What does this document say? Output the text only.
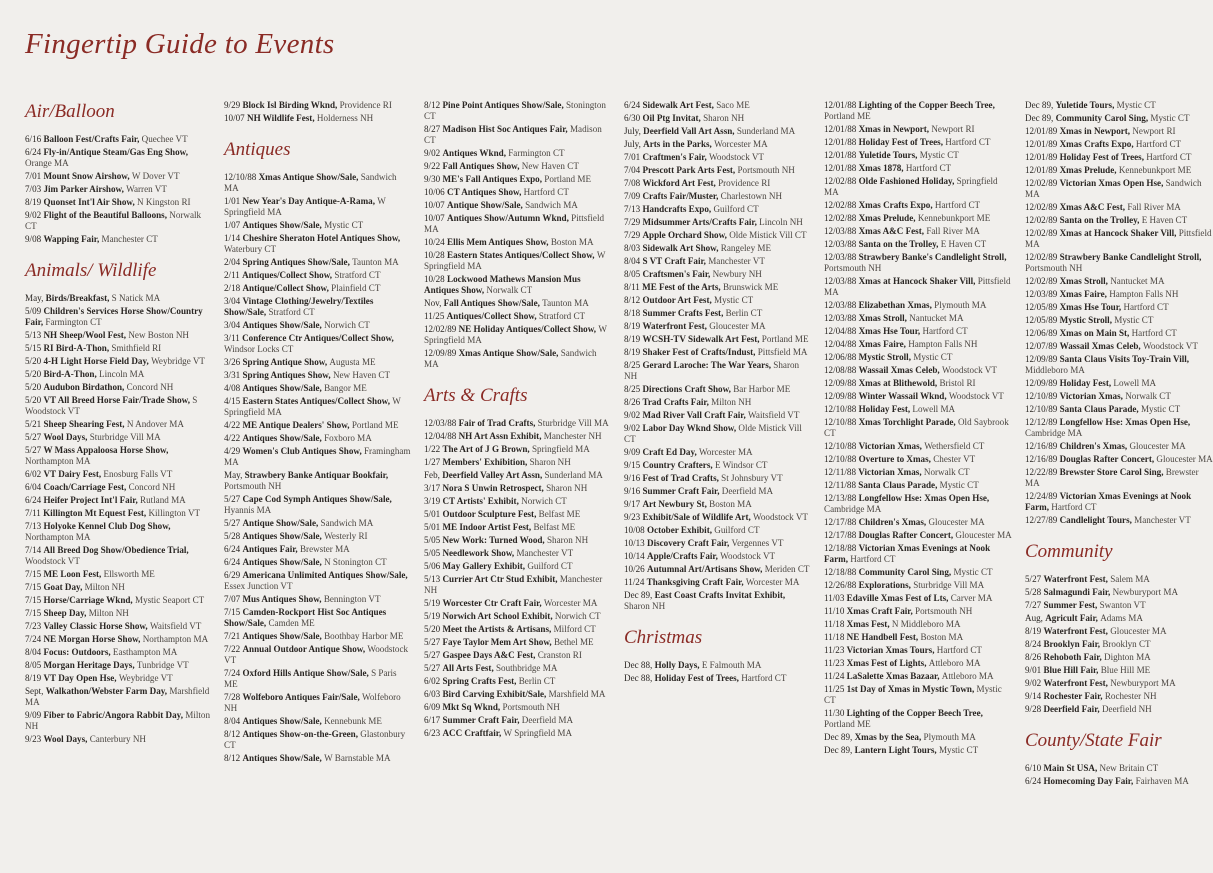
Fingertip Guide to Events
Air/Balloon
6/16 Balloon Fest/Crafts Fair, Quechee VT
6/24 Fly-in/Antique Steam/Gas Eng Show, Orange MA
7/01 Mount Snow Airshow, W Dover VT
7/03 Jim Parker Airshow, Warren VT
8/19 Quonset Int'l Air Show, N Kingston RI
9/02 Flight of the Beautiful Balloons, Norwalk CT
9/08 Wapping Fair, Manchester CT
Animals/ Wildlife
May, Birds/Breakfast, S Natick MA
5/09 Children's Services Horse Show/Country Fair, Farmington CT
5/13 NH Sheep/Wool Fest, New Boston NH
5/15 RI Bird-A-Thon, Smithfield RI
5/20 4-H Light Horse Field Day, Weybridge VT
5/20 Bird-A-Thon, Lincoln MA
5/20 Audubon Birdathon, Concord NH
5/20 VT All Breed Horse Fair/Trade Show, S Woodstock VT
5/21 Sheep Shearing Fest, N Andover MA
5/27 Wool Days, Sturbridge Vill MA
5/27 W Mass Appaloosa Horse Show, Northampton MA
6/02 VT Dairy Fest, Enosburg Falls VT
6/04 Coach/Carriage Fest, Concord NH
6/24 Heifer Project Int'l Fair, Rutland MA
7/11 Killington Mt Equest Fest, Killington VT
7/13 Holyoke Kennel Club Dog Show, Northampton MA
7/14 All Breed Dog Show/Obedience Trial, Woodstock VT
7/15 ME Loon Fest, Ellsworth ME
7/15 Goat Day, Milton NH
7/15 Horse/Carriage Wknd, Mystic Seaport CT
7/15 Sheep Day, Milton NH
7/23 Valley Classic Horse Show, Waitsfield VT
7/24 NE Morgan Horse Show, Northampton MA
8/04 Focus: Outdoors, Easthampton MA
8/05 Morgan Heritage Days, Tunbridge VT
8/19 VT Day Open Hse, Weybridge VT
Sept, Walkathon/Webster Farm Day, Marshfield MA
9/09 Fiber to Fabric/Angora Rabbit Day, Milton NH
9/23 Wool Days, Canterbury NH
9/29 Block Isl Birding Wknd, Providence RI
10/07 NH Wildlife Fest, Holderness NH
Antiques
12/10/88 Xmas Antique Show/Sale, Sandwich MA
1/01 New Year's Day Antique-A-Rama, W Springfield MA
1/07 Antiques Show/Sale, Mystic CT
1/14 Cheshire Sheraton Hotel Antiques Show, Waterbury CT
2/04 Spring Antiques Show/Sale, Taunton MA
2/11 Antiques/Collect Show, Stratford CT
2/18 Antique/Collect Show, Plainfield CT
3/04 Vintage Clothing/Jewelry/Textiles Show/Sale, Stratford CT
3/04 Antiques Show/Sale, Norwich CT
3/11 Conference Ctr Antiques/Collect Show, Windsor Locks CT
3/26 Spring Antique Show, Augusta ME
3/31 Spring Antiques Show, New Haven CT
4/08 Antiques Show/Sale, Bangor ME
4/15 Eastern States Antiques/Collect Show, W Springfield MA
4/22 ME Antique Dealers' Show, Portland ME
4/22 Antiques Show/Sale, Foxboro MA
4/29 Women's Club Antiques Show, Framingham MA
May, Strawbery Banke Antiquar Bookfair, Portsmouth NH
5/27 Cape Cod Symph Antiques Show/Sale, Hyannis MA
5/27 Antique Show/Sale, Sandwich MA
5/28 Antiques Show/Sale, Westerly RI
6/24 Antiques Fair, Brewster MA
6/24 Antiques Show/Sale, N Stonington CT
6/29 Americana Unlimited Antiques Show/Sale, Essex Junction VT
7/07 Mus Antiques Show, Bennington VT
7/15 Camden-Rockport Hist Soc Antiques Show/Sale, Camden ME
7/21 Antiques Show/Sale, Boothbay Harbor ME
7/22 Annual Outdoor Antique Show, Woodstock VT
7/24 Oxford Hills Antique Show/Sale, S Paris ME
7/28 Wolfeboro Antiques Fair/Sale, Wolfeboro NH
8/04 Antiques Show/Sale, Kennebunk ME
8/12 Antiques Show-on-the-Green, Glastonbury CT
8/12 Antiques Show/Sale, W Barnstable MA
8/12 Pine Point Antiques Show/Sale, Stonington CT
8/27 Madison Hist Soc Antiques Fair, Madison CT
9/02 Antiques Wknd, Farmington CT
9/22 Fall Antiques Show, New Haven CT
9/30 ME's Fall Antiques Expo, Portland ME
10/06 CT Antiques Show, Hartford CT
10/07 Antique Show/Sale, Sandwich MA
10/07 Antiques Show/Autumn Wknd, Pittsfield MA
10/24 Ellis Mem Antiques Show, Boston MA
10/28 Eastern States Antiques/Collect Show, W Springfield MA
10/28 Lockwood Mathews Mansion Mus Antiques Show, Norwalk CT
Nov, Fall Antiques Show/Sale, Taunton MA
11/25 Antiques/Collect Show, Stratford CT
12/02/89 NE Holiday Antiques/Collect Show, W Springfield MA
12/09/89 Xmas Antique Show/Sale, Sandwich MA
Arts & Crafts
12/03/88 Fair of Trad Crafts, Sturbridge Vill MA
12/04/88 NH Art Assn Exhibit, Manchester NH
1/22 The Art of J G Brown, Springfield MA
1/27 Members' Exhibition, Sharon NH
Feb, Deerfield Valley Art Assn, Sunderland MA
3/17 Nora S Unwin Retrospect, Sharon NH
3/19 CT Artists' Exhibit, Norwich CT
5/01 Outdoor Sculpture Fest, Belfast ME
5/01 ME Indoor Artist Fest, Belfast ME
5/05 New Work: Turned Wood, Sharon NH
5/05 Needlework Show, Manchester VT
5/06 May Gallery Exhibit, Guilford CT
5/13 Currier Art Ctr Stud Exhibit, Manchester NH
5/19 Worcester Ctr Craft Fair, Worcester MA
5/19 Norwich Art School Exhibit, Norwich CT
5/20 Meet the Artists & Artisans, Milford CT
5/27 Faye Taylor Mem Art Show, Bethel ME
5/27 Gaspee Days A&C Fest, Cranston RI
5/27 All Arts Fest, Southbridge MA
6/02 Spring Crafts Fest, Berlin CT
6/03 Bird Carving Exhibit/Sale, Marshfield MA
6/09 Mkt Sq Wknd, Portsmouth NH
6/17 Summer Craft Fair, Deerfield MA
6/23 ACC Craftfair, W Springfield MA
6/24 Sidewalk Art Fest, Saco ME
6/30 Oil Ptg Invitat, Sharon NH
July, Deerfield Vall Art Assn, Sunderland MA
July, Arts in the Parks, Worcester MA
7/01 Craftmen's Fair, Woodstock VT
7/04 Prescott Park Arts Fest, Portsmouth NH
7/08 Wickford Art Fest, Providence RI
7/09 Crafts Fair/Muster, Charlestown NH
7/13 Handcrafts Expo, Guilford CT
7/29 Midsummer Arts/Crafts Fair, Lincoln NH
7/29 Apple Orchard Show, Olde Mistick Vill CT
8/03 Sidewalk Art Show, Rangeley ME
8/04 S VT Craft Fair, Manchester VT
8/05 Craftsmen's Fair, Newbury NH
8/11 ME Fest of the Arts, Brunswick ME
8/12 Outdoor Art Fest, Mystic CT
8/18 Summer Crafts Fest, Berlin CT
8/19 Waterfront Fest, Gloucester MA
8/19 WCSH-TV Sidewalk Art Fest, Portland ME
8/19 Shaker Fest of Crafts/Indust, Pittsfield MA
8/25 Gerard Laroche: The War Years, Sharon NH
8/25 Directions Craft Show, Bar Harbor ME
8/26 Trad Crafts Fair, Milton NH
9/02 Mad River Vall Craft Fair, Waitsfield VT
9/02 Labor Day Wknd Show, Olde Mistick Vill CT
9/09 Craft Ed Day, Worcester MA
9/15 Country Crafters, E Windsor CT
9/16 Fest of Trad Crafts, St Johnsbury VT
9/16 Summer Craft Fair, Deerfield MA
9/17 Art Newbury St, Boston MA
9/23 Exhibit/Sale of Wildlife Art, Woodstock VT
10/08 October Exhibit, Guilford CT
10/13 Discovery Craft Fair, Vergennes VT
10/14 Apple/Crafts Fair, Woodstock VT
10/26 Autumnal Art/Artisans Show, Meriden CT
11/24 Thanksgiving Craft Fair, Worcester MA
Dec 89, East Coast Crafts Invitat Exhibit, Sharon NH
Christmas
Dec 88, Holly Days, E Falmouth MA
Dec 88, Holiday Fest of Trees, Hartford CT
12/01/88 Lighting of the Copper Beech Tree, Portland ME
12/01/88 Xmas in Newport, Newport RI
12/01/88 Holiday Fest of Trees, Hartford CT
12/01/88 Yuletide Tours, Mystic CT
12/01/88 Xmas 1878, Hartford CT
12/02/88 Olde Fashioned Holiday, Springfield MA
12/02/88 Xmas Crafts Expo, Hartford CT
12/02/88 Xmas Prelude, Kennebunkport ME
12/03/88 Xmas A&C Fest, Fall River MA
12/03/88 Santa on the Trolley, E Haven CT
12/03/88 Strawbery Banke's Candlelight Stroll, Portsmouth NH
12/03/88 Xmas at Hancock Shaker Vill, Pittsfield MA
12/03/88 Elizabethan Xmas, Plymouth MA
12/03/88 Xmas Stroll, Nantucket MA
12/04/88 Xmas Hse Tour, Hartford CT
12/04/88 Xmas Faire, Hampton Falls NH
12/06/88 Mystic Stroll, Mystic CT
12/08/88 Wassail Xmas Celeb, Woodstock VT
12/09/88 Xmas at Blithewold, Bristol RI
12/09/88 Winter Wassail Wknd, Woodstock VT
12/10/88 Holiday Fest, Lowell MA
12/10/88 Xmas Torchlight Parade, Old Saybrook CT
12/10/88 Victorian Xmas, Wethersfield CT
12/10/88 Overture to Xmas, Chester VT
12/11/88 Victorian Xmas, Norwalk CT
12/11/88 Santa Claus Parade, Mystic CT
12/13/88 Longfellow Hse: Xmas Open Hse, Cambridge MA
12/17/88 Children's Xmas, Gloucester MA
12/17/88 Douglas Rafter Concert, Gloucester MA
12/18/88 Victorian Xmas Evenings at Nook Farm, Hartford CT
12/18/88 Community Carol Sing, Mystic CT
12/26/88 Explorations, Sturbridge Vill MA
11/03 Edaville Xmas Fest of Lts, Carver MA
11/10 Xmas Craft Fair, Portsmouth NH
11/18 Xmas Fest, N Middleboro MA
11/18 NE Handbell Fest, Boston MA
11/23 Victorian Xmas Tours, Hartford CT
11/23 Xmas Fest of Lights, Attleboro MA
11/24 LaSalette Xmas Bazaar, Attleboro MA
11/25 1st Day of Xmas in Mystic Town, Mystic CT
11/30 Lighting of the Copper Beech Tree, Portland ME
Dec 89, Xmas by the Sea, Plymouth MA
Dec 89, Lantern Light Tours, Mystic CT
Dec 89, Yuletide Tours, Mystic CT
Dec 89, Community Carol Sing, Mystic CT
12/01/89 Xmas in Newport, Newport RI
12/01/89 Xmas Crafts Expo, Hartford CT
12/01/89 Holiday Fest of Trees, Hartford CT
12/01/89 Xmas Prelude, Kennebunkport ME
12/02/89 Victorian Xmas Open Hse, Sandwich MA
12/02/89 Xmas A&C Fest, Fall River MA
12/02/89 Santa on the Trolley, E Haven CT
12/02/89 Xmas at Hancock Shaker Vill, Pittsfield MA
12/02/89 Strawbery Banke Candlelight Stroll, Portsmouth NH
12/02/89 Xmas Stroll, Nantucket MA
12/03/89 Xmas Faire, Hampton Falls NH
12/05/89 Xmas Hse Tour, Hartford CT
12/05/89 Mystic Stroll, Mystic CT
12/06/89 Xmas on Main St, Hartford CT
12/07/89 Wassail Xmas Celeb, Woodstock VT
12/09/89 Santa Claus Visits Toy-Train Vill, Middleboro MA
12/09/89 Holiday Fest, Lowell MA
12/10/89 Victorian Xmas, Norwalk CT
12/10/89 Santa Claus Parade, Mystic CT
12/12/89 Longfellow Hse: Xmas Open Hse, Cambridge MA
12/16/89 Children's Xmas, Gloucester MA
12/16/89 Douglas Rafter Concert, Gloucester MA
12/22/89 Brewster Store Carol Sing, Brewster MA
12/24/89 Victorian Xmas Evenings at Nook Farm, Hartford CT
12/27/89 Candlelight Tours, Manchester VT
Community
5/27 Waterfront Fest, Salem MA
5/28 Salmagundi Fair, Newburyport MA
7/27 Summer Fest, Swanton VT
Aug, Agricult Fair, Adams MA
8/19 Waterfront Fest, Gloucester MA
8/24 Brooklyn Fair, Brooklyn CT
8/26 Rehoboth Fair, Dighton MA
9/01 Blue Hill Fair, Blue Hill ME
9/02 Waterfront Fest, Newburyport MA
9/14 Rochester Fair, Rochester NH
9/28 Deerfield Fair, Deerfield NH
County/State Fair
6/10 Main St USA, New Britain CT
6/24 Homecoming Day Fair, Fairhaven MA
